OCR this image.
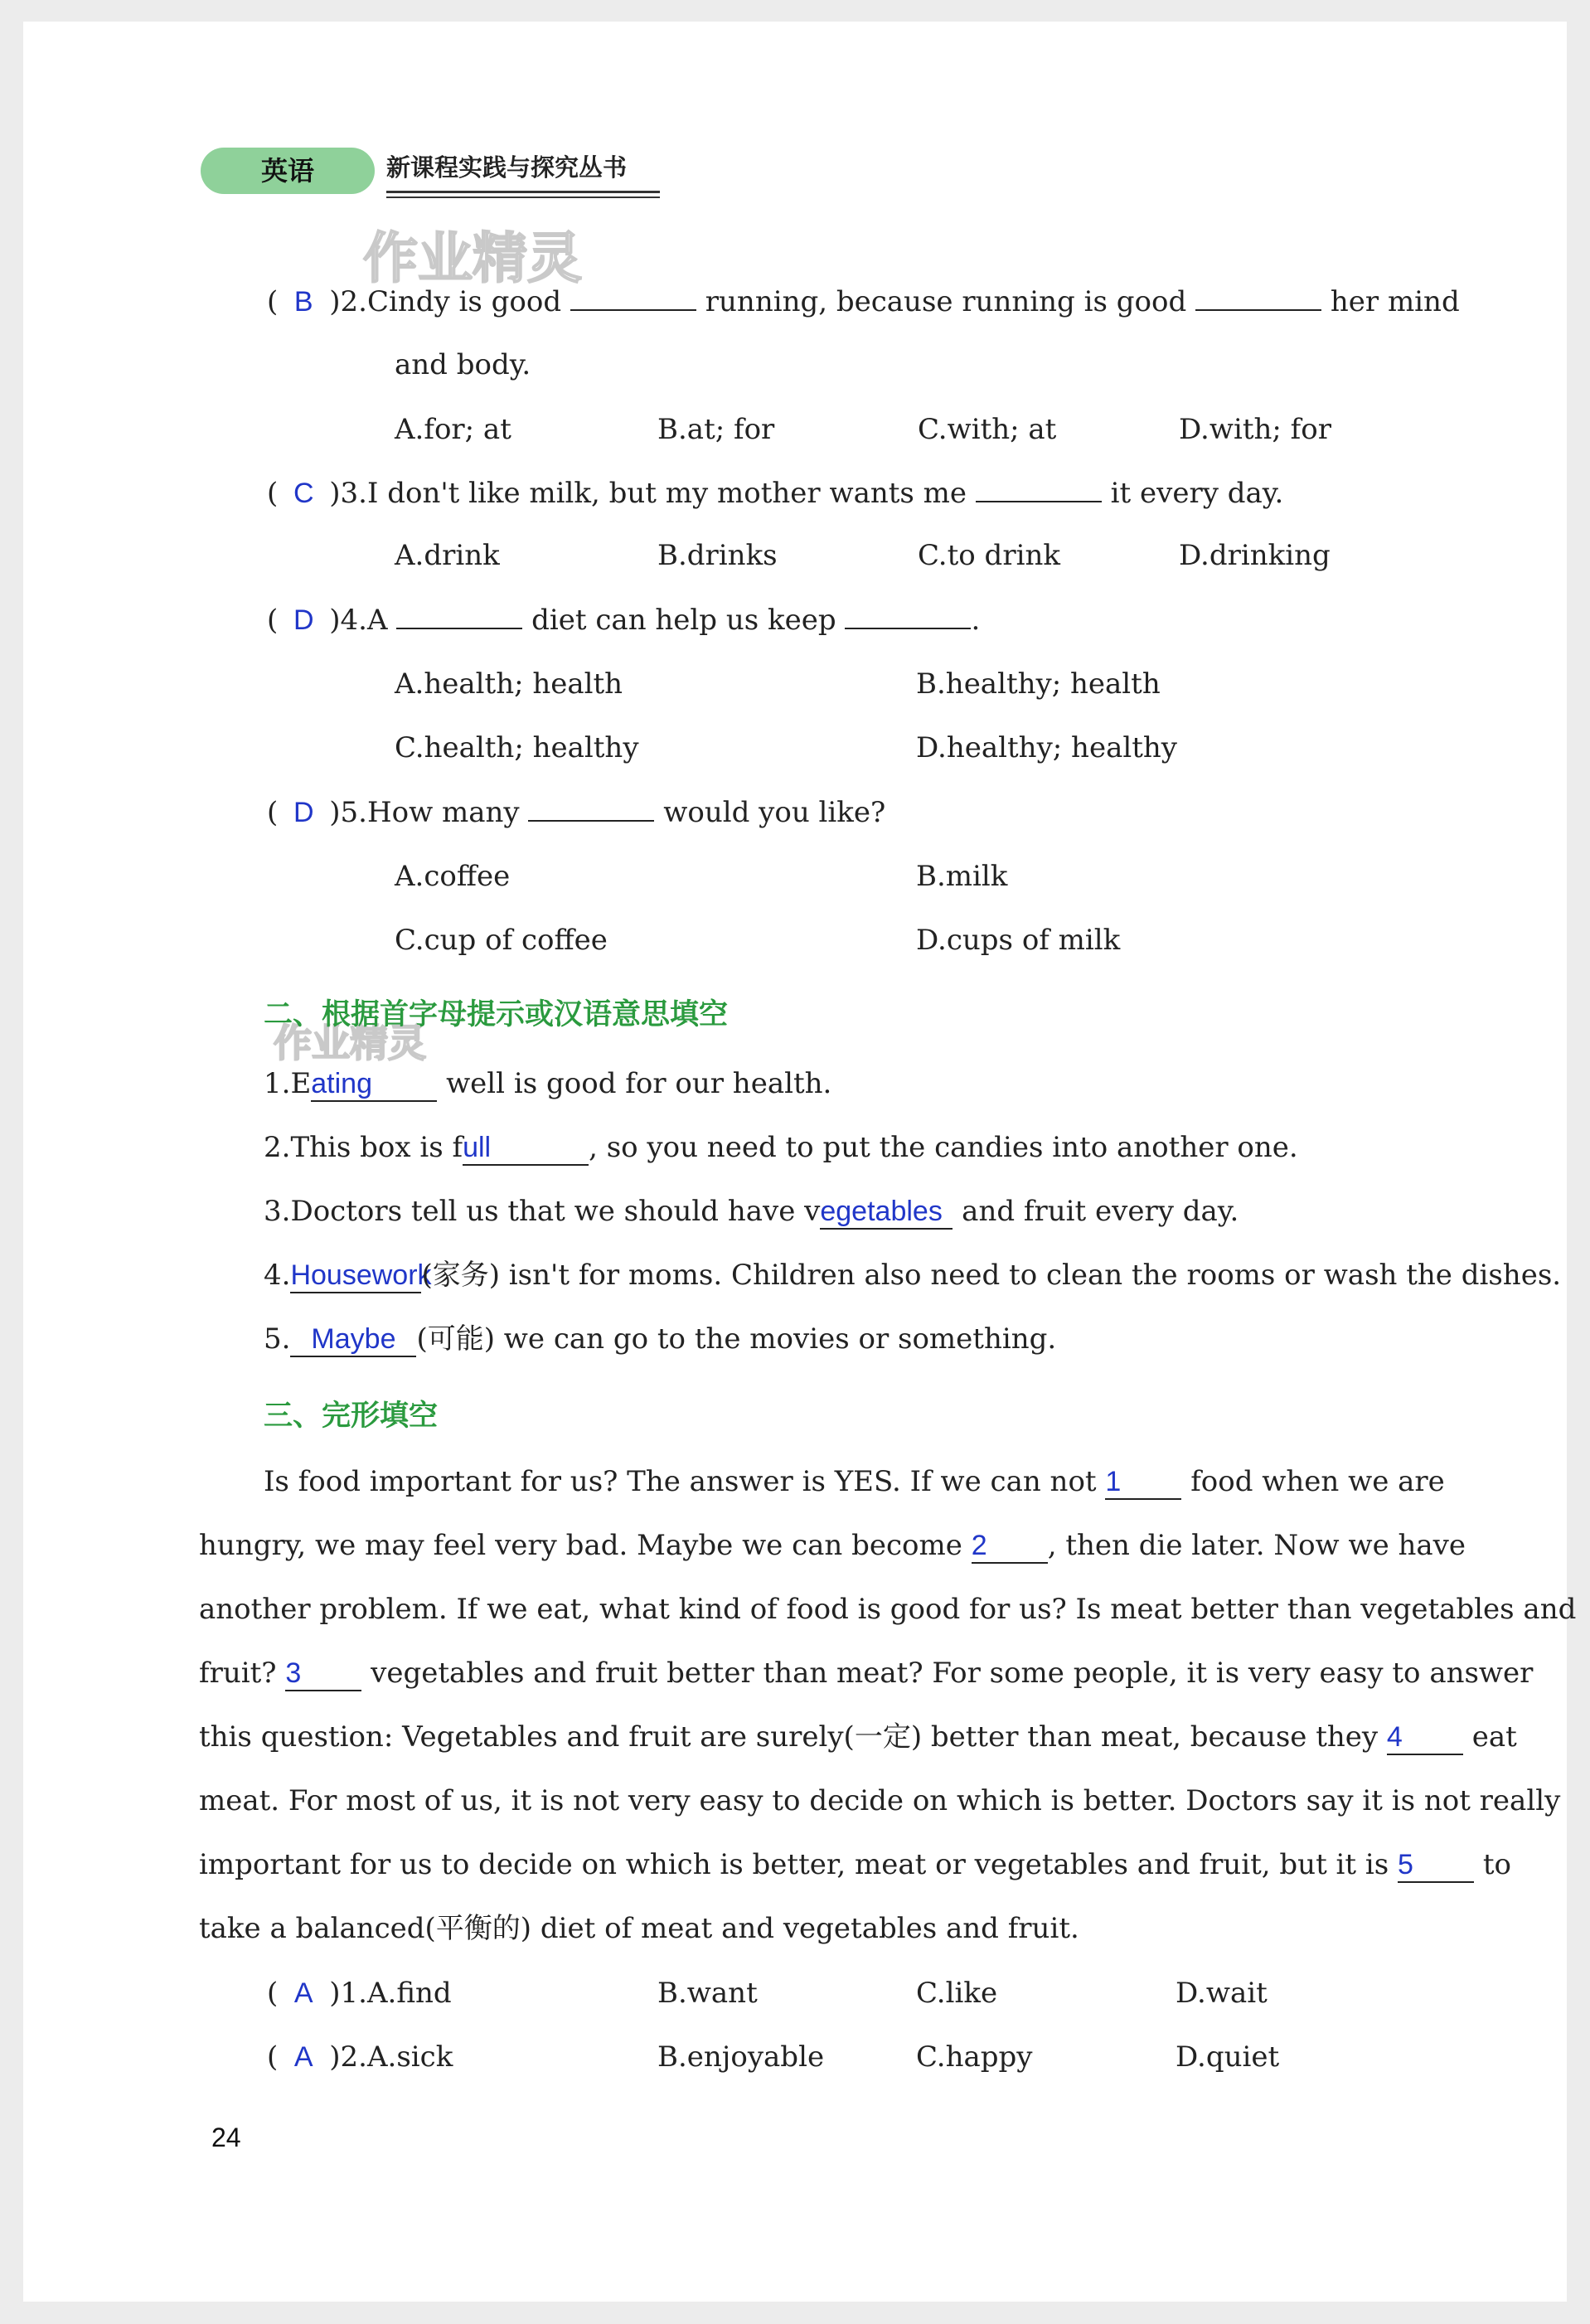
英语	新课程实践与探究丛书
作业精灵
作业精灵
( B )2.Cindy is good	running, because running is good	her mind
and body.
A.for; at	B.at; for	C.with; at	D.with; for
( C )3.I don't like milk, but my mother wants me	it every day.
A.drink	B.drinks	C.to drink	D.drinking
( D )4.A	diet can help us keep	.
A.health; health	B.healthy; health
C.health; healthy	D.healthy; healthy
( D )5.How many	would you like?
A.coffee	B.milk
C.cup of coffee	D.cups of milk
二、根据首字母提示或汉语意思填空
1.Eating	well is good for our health.
2.This box is full	, so you need to put the candies into another one.
3.Doctors tell us that we should have vegetables and fruit every day.
4.Housework(家务) isn't for moms. Children also need to clean the rooms or wash the dishes.
5. Maybe (可能) we can go to the movies or something.
三、完形填空
Is food important for us? The answer is YES. If we can not 1 food when we are
hungry, we may feel very bad. Maybe we can become 2 , then die later. Now we have
another problem. If we eat, what kind of food is good for us? Is meat better than vegetables and
fruit? 3 vegetables and fruit better than meat? For some people, it is very easy to answer
this question: Vegetables and fruit are surely(一定) better than meat, because they 4 eat
meat. For most of us, it is not very easy to decide on which is better. Doctors say it is not really
important for us to decide on which is better, meat or vegetables and fruit, but it is 5 to
take a balanced(平衡的) diet of meat and vegetables and fruit.
( A )1.A.find	B.want	C.like	D.wait
( A )2.A.sick	B.enjoyable	C.happy	D.quiet
24
